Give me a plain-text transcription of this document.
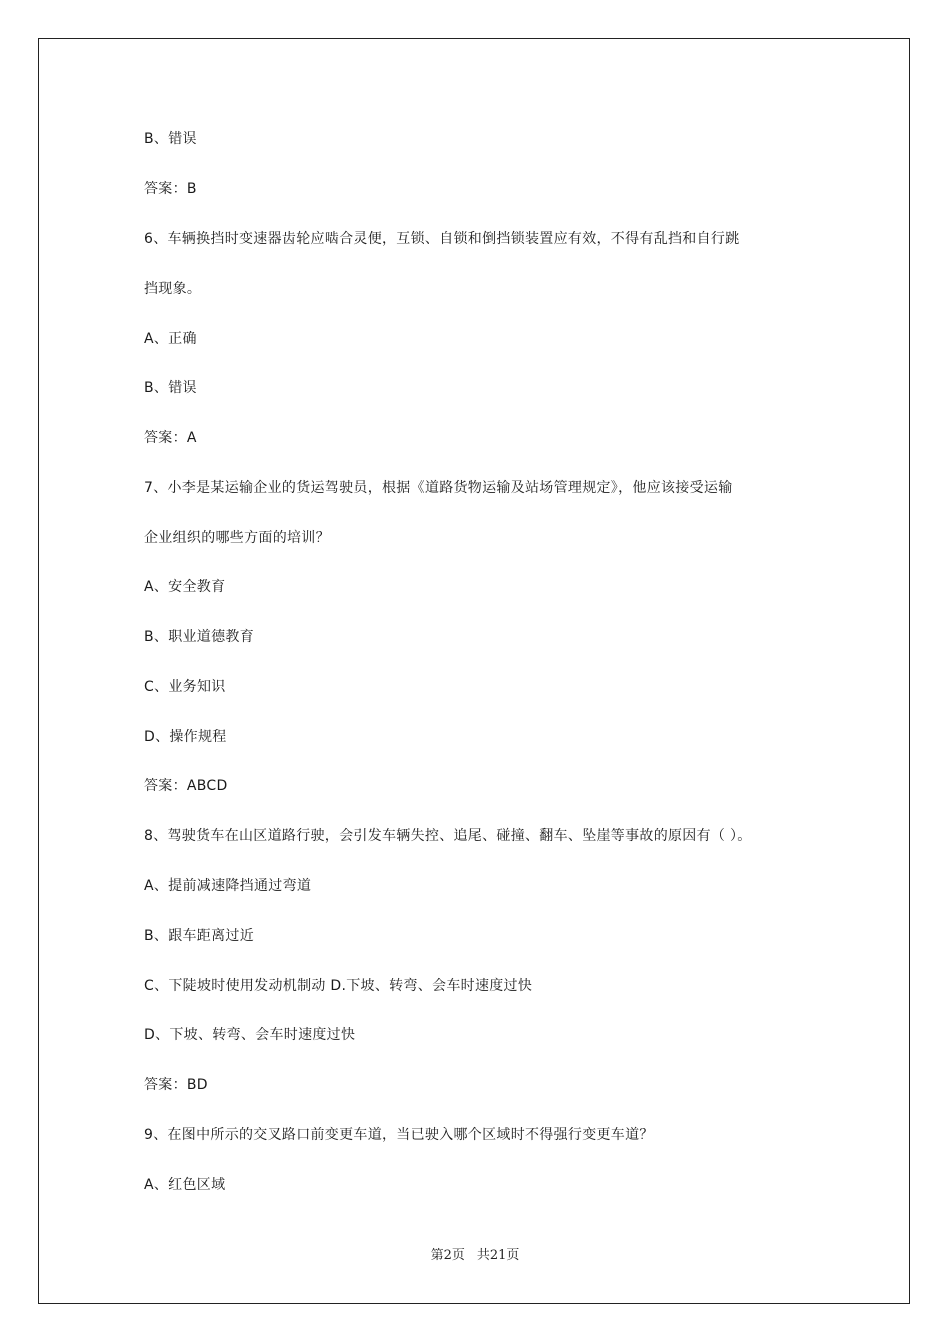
B、错误
答案：B
6、车辆换挡时变速器齿轮应啮合灵便，互锁、自锁和倒挡锁装置应有效，不得有乱挡和自行跳
挡现象。
A、正确
B、错误
答案：A
7、小李是某运输企业的货运驾驶员，根据《道路货物运输及站场管理规定》，他应该接受运输
企业组织的哪些方面的培训？
A、安全教育
B、职业道德教育
C、业务知识
D、操作规程
答案：ABCD
8、驾驶货车在山区道路行驶，会引发车辆失控、追尾、碰撞、翻车、坠崖等事故的原因有（ ）。
A、提前减速降挡通过弯道
B、跟车距离过近
C、下陡坡时使用发动机制动 D.下坡、转弯、会车时速度过快
D、下坡、转弯、会车时速度过快
答案：BD
9、在图中所示的交叉路口前变更车道，当已驶入哪个区域时不得强行变更车道？
A、红色区域
第2页 共21页
